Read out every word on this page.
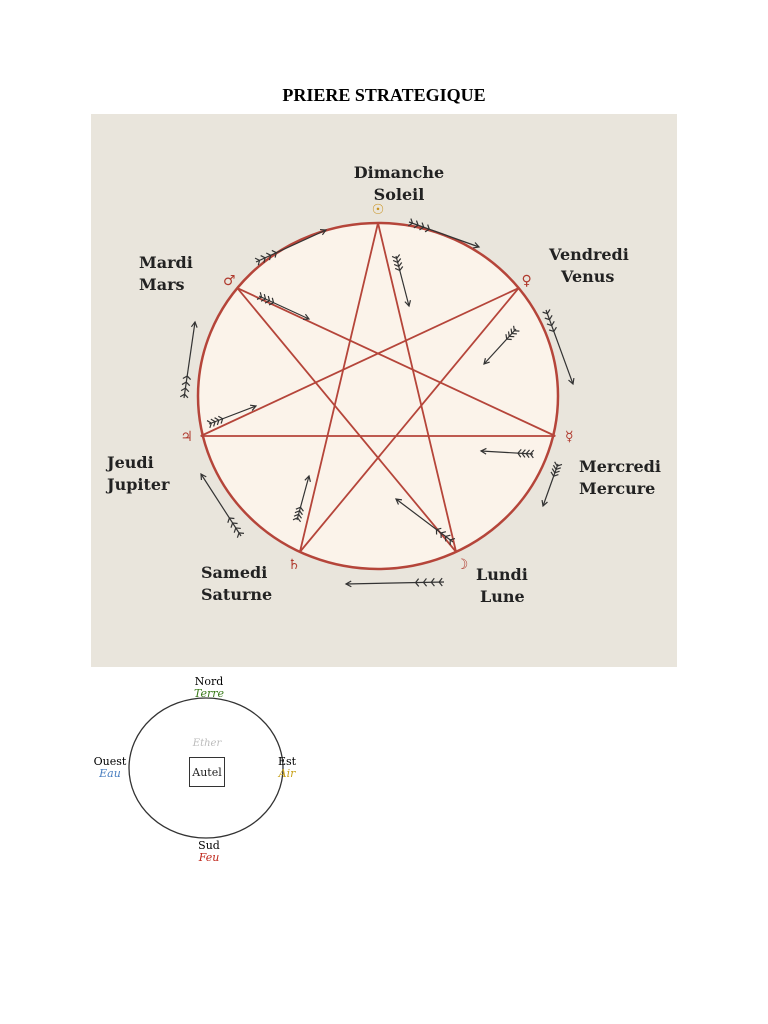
PRIERE STRATEGIQUE
☉
♀
☿
☽
♄
♃
♂
Dimanche
Soleil
Vendredi
Venus
Mercredi
Mercure
Lundi
Lune
Samedi
Saturne
Jeudi
Jupiter
Mardi
Mars
Nord
Terre
Est
Air
Sud
Feu
Ouest
Eau
Ether
Autel
